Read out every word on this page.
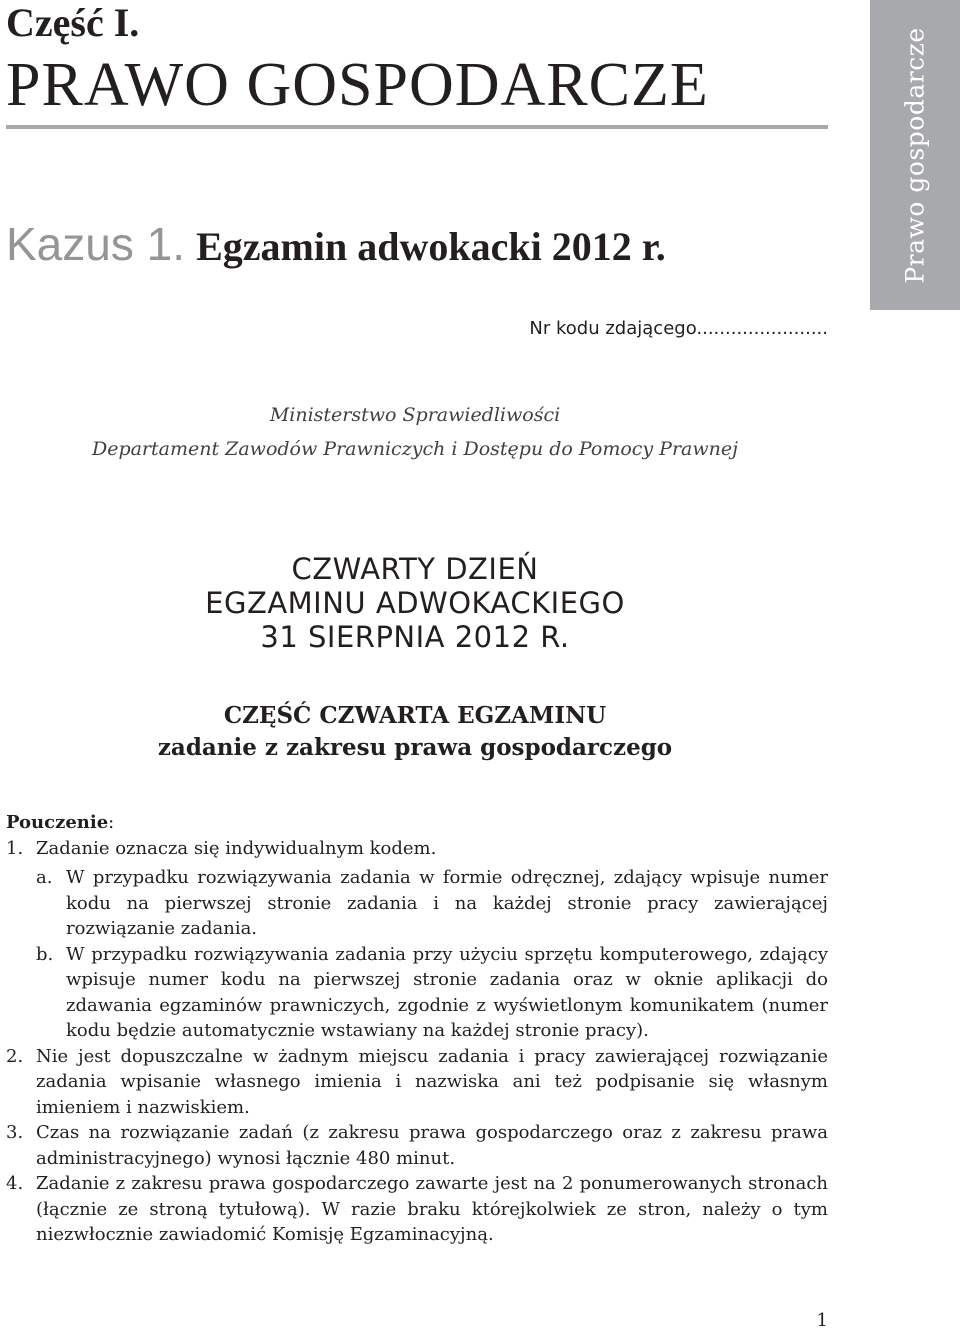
Część I.
PRAWO GOSPODARCZE
Kazus 1. Egzamin adwokacki 2012 r.	Prawo gospodarcze
Nr kodu zdającego.......................
Ministerstwo Sprawiedliwości
Departament Zawodów Prawniczych i Dostępu do Pomocy Prawnej
CZWARTY DZIEŃ
EGZAMINU ADWOKACKIEGO
31 SIERPNIA 2012 R.
CZĘŚĆ CZWARTA EGZAMINU
zadanie z zakresu prawa gospodarczego

Pouczenie:

1. Zadanie oznacza się indywidualnym kodem.

a. W przypadku rozwiązywania zadania w formie odręcznej, zdający wpisuje numer kodu na pierwszej stronie zadania i na każdej stronie pracy zawierającej rozwiązanie zadania.

b. W przypadku rozwiązywania zadania przy użyciu sprzętu komputerowego, zdający wpisuje numer kodu na pierwszej stronie zadania oraz w oknie aplikacji do zdawania egzaminów prawniczych, zgodnie z wyświetlonym komunikatem (numer kodu będzie automatycznie wstawiany na każdej stronie pracy).

2. Nie jest dopuszczalne w żadnym miejscu zadania i pracy zawierającej rozwiązanie zadania wpisanie własnego imienia i nazwiska ani też podpisanie się własnym imieniem i nazwiskiem.

3. Czas na rozwiązanie zadań (z zakresu prawa gospodarczego oraz z zakresu prawa administracyjnego) wynosi łącznie 480 minut.

4. Zadanie z zakresu prawa gospodarczego zawarte jest na 2 ponumerowanych stronach (łącznie ze stroną tytułową). W razie braku którejkolwiek ze stron, należy o tym niezwłocznie zawiadomić Komisję Egzaminacyjną.

1
